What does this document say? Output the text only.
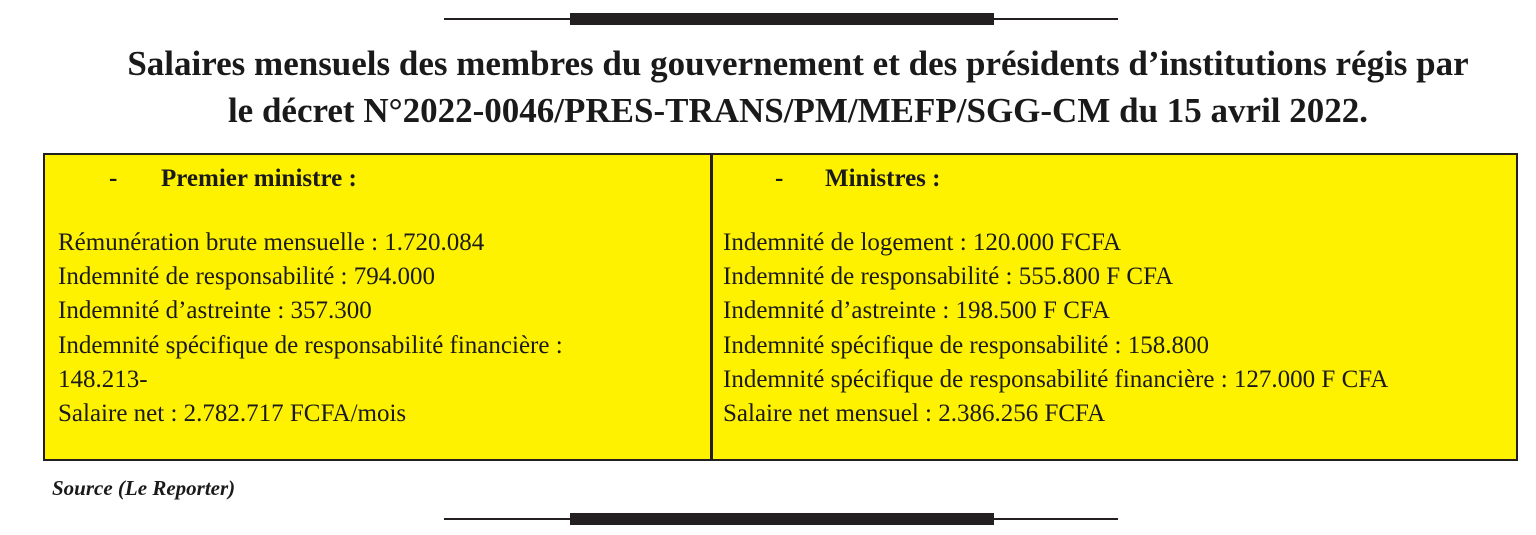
Salaires mensuels des membres du gouvernement et des présidents d’institutions régis par
le décret N°2022-0046/PRES-TRANS/PM/MEFP/SGG-CM du 15 avril 2022.
- Premier ministre :
Rémunération brute mensuelle : 1.720.084
Indemnité de responsabilité : 794.000
Indemnité d’astreinte : 357.300
Indemnité spécifique de responsabilité financière :
148.213-
Salaire net : 2.782.717 FCFA/mois
- Ministres :
Indemnité de logement : 120.000 FCFA
Indemnité de responsabilité : 555.800 F CFA
Indemnité d’astreinte : 198.500 F CFA
Indemnité spécifique de responsabilité : 158.800
Indemnité spécifique de responsabilité financière : 127.000 F CFA
Salaire net mensuel : 2.386.256 FCFA
Source (Le Reporter)
